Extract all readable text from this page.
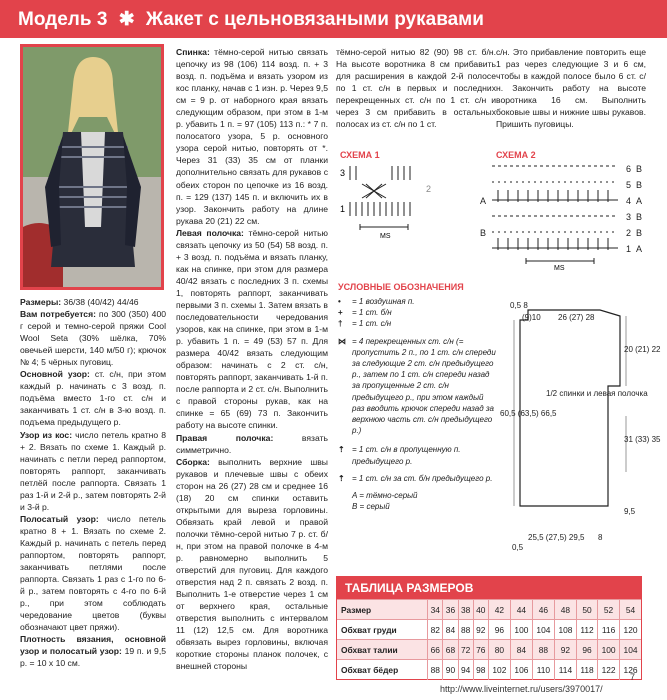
Модель 3 ✱ Жакет с цельновязаными рукавами

Размеры: 36/38 (40/42) 44/46

Вам потребуется: по 300 (350) 400 г серой и темно-серой пряжи Cool Wool Seta (30% шёлка, 70% овечьей шерсти, 140 м/50 г); крючок № 4; 5 чёрных пуговиц.

Основной узор: ст. с/н, при этом каждый р. начинать с 3 возд. п. подъёма вместо 1-го ст. с/н и заканчивать 1 ст. с/н в 3-ю возд. п. подъема предыдущего р.

Узор из кос: число петель кратно 8 + 2. Вязать по схеме 1. Каждый р. начинать с петли перед раппортом, повторять раппорт, заканчивать петлёй после раппорта. Связать 1 раз 1-й и 2-й р., затем повторять 2-й и 3-й р.

Полосатый узор: число петель кратно 8 + 1. Вязать по схеме 2. Каждый р. начинать с петель перед раппортом, повторять раппорт, заканчивать петлями после раппорта. Связать 1 раз с 1-го по 6-й р., затем повторять с 4-го по 6-й р., при этом соблюдать чередование цветов (буквы обозначают цвет пряжи).

Плотность вязания, основной узор и полосатый узор: 19 п. и 9,5 р. = 10 х 10 см.

Спинка: тёмно-серой нитью связать цепочку из 98 (106) 114 возд. п. + 3 возд. п. подъёма и вязать узором из кос планку, начав с 1 изн. р. Через 9,5 см = 9 р. от наборного края вязать следующим образом, при этом в 1-м р. убавить 1 п. = 97 (105) 113 п.: * 7 п. полосатого узора, 5 р. основного узора серой нитью, повторять от *. Через 31 (33) 35 см от планки дополнительно связать для рукавов с обеих сторон по цепочке из 16 возд. п. = 129 (137) 145 п. и включить их в узор. Закончить работу на длине рукава 20 (21) 22 см.

Левая полочка: тёмно-серой нитью связать цепочку из 50 (54) 58 возд. п. + 3 возд. п. подъёма и вязать планку, как на спинке, при этом для размера 40/42 вязать с последних 3 п. схемы 1, повторять раппорт, заканчивать первыми 3 п. схемы 1. Затем вязать в последовательности чередования узоров, как на спинке, при этом в 1-м р. убавить 1 п. = 49 (53) 57 п. Для размера 40/42 вязать следующим образом: начинать с 2 ст. с/н, повторять раппорт, заканчивать 1-й п. после раппорта и 2 ст. с/н. Выполнить с правой стороны рукав, как на спинке = 65 (69) 73 п. Закончить работу на высоте спинки.

Правая полочка: вязать симметрично.

Сборка: выполнить верхние швы рукавов и плечевые швы с обеих сторон на 26 (27) 28 см и среднее 16 (18) 20 см спинки оставить открытыми для выреза горловины. Обвязать край левой и правой полочки тёмно-серой нитью 7 р. ст. б/н, при этом на правой полочке в 4-м р. равномерно выполнить 5 отверстий для пуговиц. Для каждого отверстия над 2 п. связать 2 возд. п. Выполнить 1-е отверстие через 1 см от верхнего края, остальные отверстия выполнить с интервалом 11 (12) 12,5 см. Для воротника обвязать вырез горловины, включая короткие стороны планок полочек, с внешней стороны

тёмно-серой нитью 82 (90) 98 ст. б/н. На высоте воротника 8 см прибавить для расширения в каждой 2-й полосе по 1 ст. с/н в первых и последних перекрещенных ст. с/н по 1 ст. с/н и через 3 см прибавить в остальных полосах из ст. с/н по 1 ст.

с/н. Это прибавление повторить еще 1 раз через следующие 3 и 6 см, чтобы в каждой полосе было 6 ст. с/н. Закончить работу на высоте воротника 16 см. Выполнить боковые швы и нижние швы рукавов. Пришить пуговицы.

СХЕМА 1
3
1
2
MS
СХЕМА 2
6 B
5 B
4 A
3 B
2 B
1 A
A
B
MS
УСЛОВНЫЕ ОБОЗНАЧЕНИЯ
• = 1 воздушная п.
+ = 1 ст. б/н
† = 1 ст. с/н
⋈ = 4 перекрещенных ст. с/н (= пропустить 2 п., по 1 ст. с/н спереди за следующие 2 ст. с/н предыдущего р., затем по 1 ст. с/н спереди назад за пропущенные 2 ст. с/н предыдущего р., при этом каждый раз вводить крючок спереди назад за верхнюю часть ст. с/н предыдущего р.)
⇡ = 1 ст. с/н в пропущенную п. предыдущего р.
⇡ = 1 ст. с/н за ст. б/н предыдущего р.
A = тёмно-серый
B = серый
0,5 8
(9)10 26 (27) 28
20 (21) 22
60,5 (63,5) 66,5
1/2 спинки и левая полочка
31 (33) 35
9,5
0,5
25,5 (27,5) 29,5 8
ТАБЛИЦА РАЗМЕРОВ
Размер	34	36	38	40	42	44	46	48	50	52	54
Обхват груди	82	84	88	92	96	100	104	108	112	116	120
Обхват талии	66	68	72	76	80	84	88	92	96	100	104
Обхват бёдер	88	90	94	98	102	106	110	114	118	122	126
7
http://www.liveinternet.ru/users/3970017/
